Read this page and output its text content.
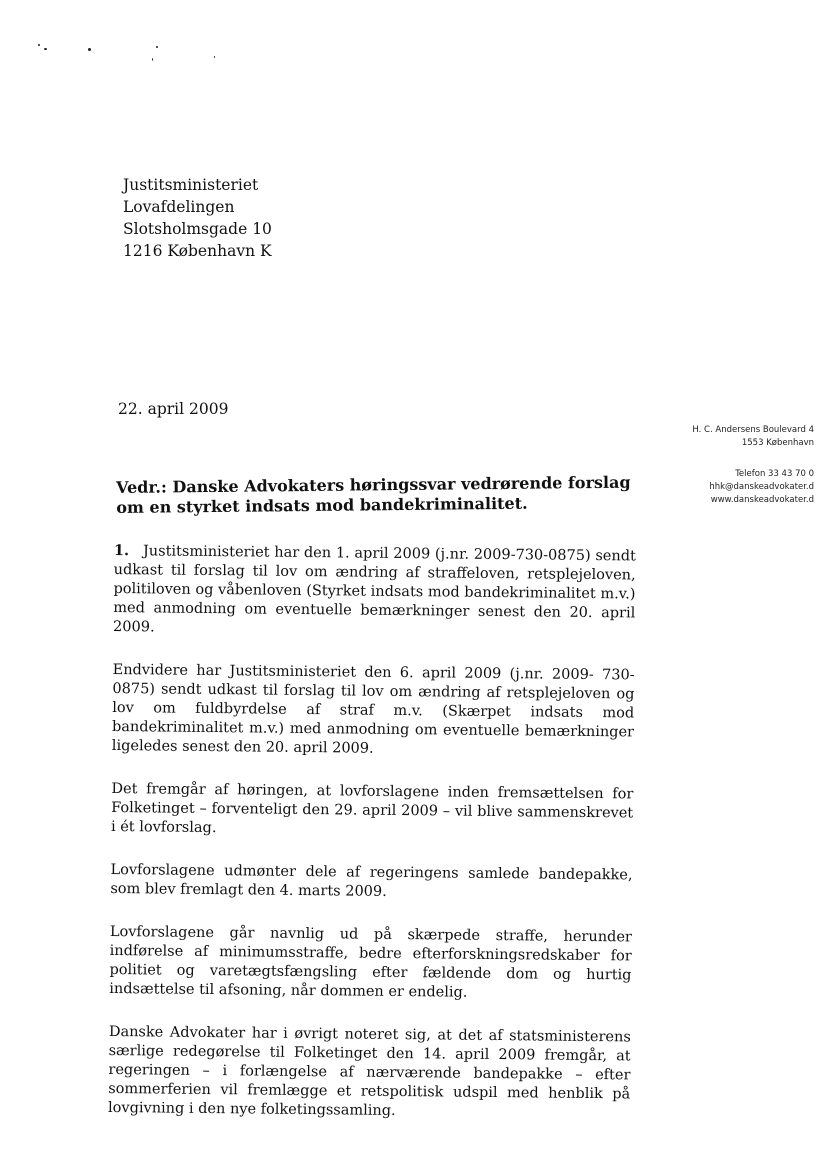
Justitsministeriet
Lovafdelingen
Slotsholmsgade 10
1216 København K
22. april 2009
H. C. Andersens Boulevard 4
1553 København
Telefon 33 43 70 0
hhk@danskeadvokater.d
www.danskeadvokater.d
Vedr.: Danske Advokaters høringssvar vedrørende forslag om en styrket indsats mod bandekriminalitet.

1. Justitsministeriet har den 1. april 2009 (j.nr. 2009-730-0875) sendt udkast til forslag til lov om ændring af straffeloven, retsplejeloven, politiloven og våbenloven (Styrket indsats mod bandekriminalitet m.v.) med anmodning om eventuelle bemærkninger senest den 20. april 2009.

Endvidere har Justitsministeriet den 6. april 2009 (j.nr. 2009- 730-0875) sendt udkast til forslag til lov om ændring af retsplejeloven og lov om fuldbyrdelse af straf m.v. (Skærpet indsats mod bandekriminalitet m.v.) med anmodning om eventuelle bemærkninger ligeledes senest den 20. april 2009.

Det fremgår af høringen, at lovforslagene inden fremsættelsen for Folketinget – forventeligt den 29. april 2009 – vil blive sammenskrevet i ét lovforslag.

Lovforslagene udmønter dele af regeringens samlede bandepakke, som blev fremlagt den 4. marts 2009.

Lovforslagene går navnlig ud på skærpede straffe, herunder indførelse af minimumsstraffe, bedre efterforskningsredskaber for politiet og varetægtsfængsling efter fældende dom og hurtig indsættelse til afsoning, når dommen er endelig.

Danske Advokater har i øvrigt noteret sig, at det af statsministerens særlige redegørelse til Folketinget den 14. april 2009 fremgår, at regeringen – i forlængelse af nærværende bandepakke – efter sommerferien vil fremlægge et retspolitisk udspil med henblik på lovgivning i den nye folketingssamling.
